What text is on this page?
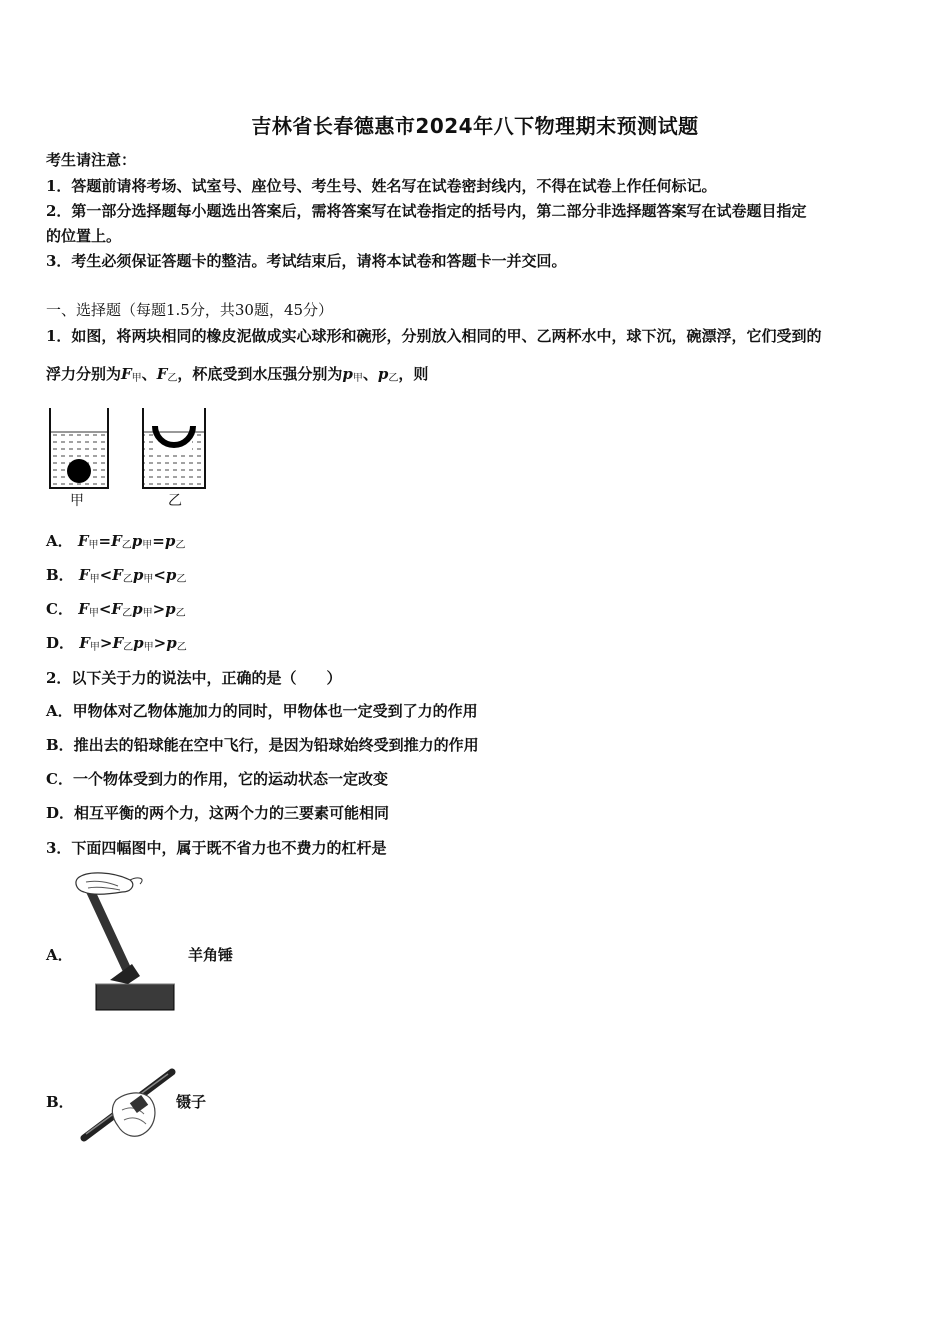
吉林省长春德惠市2024年八下物理期末预测试题
考生请注意：
1．答题前请将考场、试室号、座位号、考生号、姓名写在试卷密封线内，不得在试卷上作任何标记。
2．第一部分选择题每小题选出答案后，需将答案写在试卷指定的括号内，第二部分非选择题答案写在试卷题目指定
的位置上。
3．考生必须保证答题卡的整洁。考试结束后，请将本试卷和答题卡一并交回。
一、选择题（每题1.5分，共30题，45分）
1．如图，将两块相同的橡皮泥做成实心球形和碗形，分别放入相同的甲、乙两杯水中，球下沉，碗漂浮，它们受到的
浮力分别为$F_甲$、$F_乙$，杯底受到水压强分别为$p_甲$、$p_乙$，则
甲	乙
A． $F_甲=F_乙p_甲=p_乙$
B． $F_甲<F_乙p_甲<p_乙$
C． $F_甲<F_乙p_甲>p_乙$
D． $F_甲>F_乙p_甲>p_乙$
2．以下关于力的说法中，正确的是（　　）
A．甲物体对乙物体施加力的同时，甲物体也一定受到了力的作用
B．推出去的铅球能在空中飞行，是因为铅球始终受到推力的作用
C．一个物体受到力的作用，它的运动状态一定改变
D．相互平衡的两个力，这两个力的三要素可能相同
3．下面四幅图中，属于既不省力也不费力的杠杆是
A．	羊角锤
B．	镊子
